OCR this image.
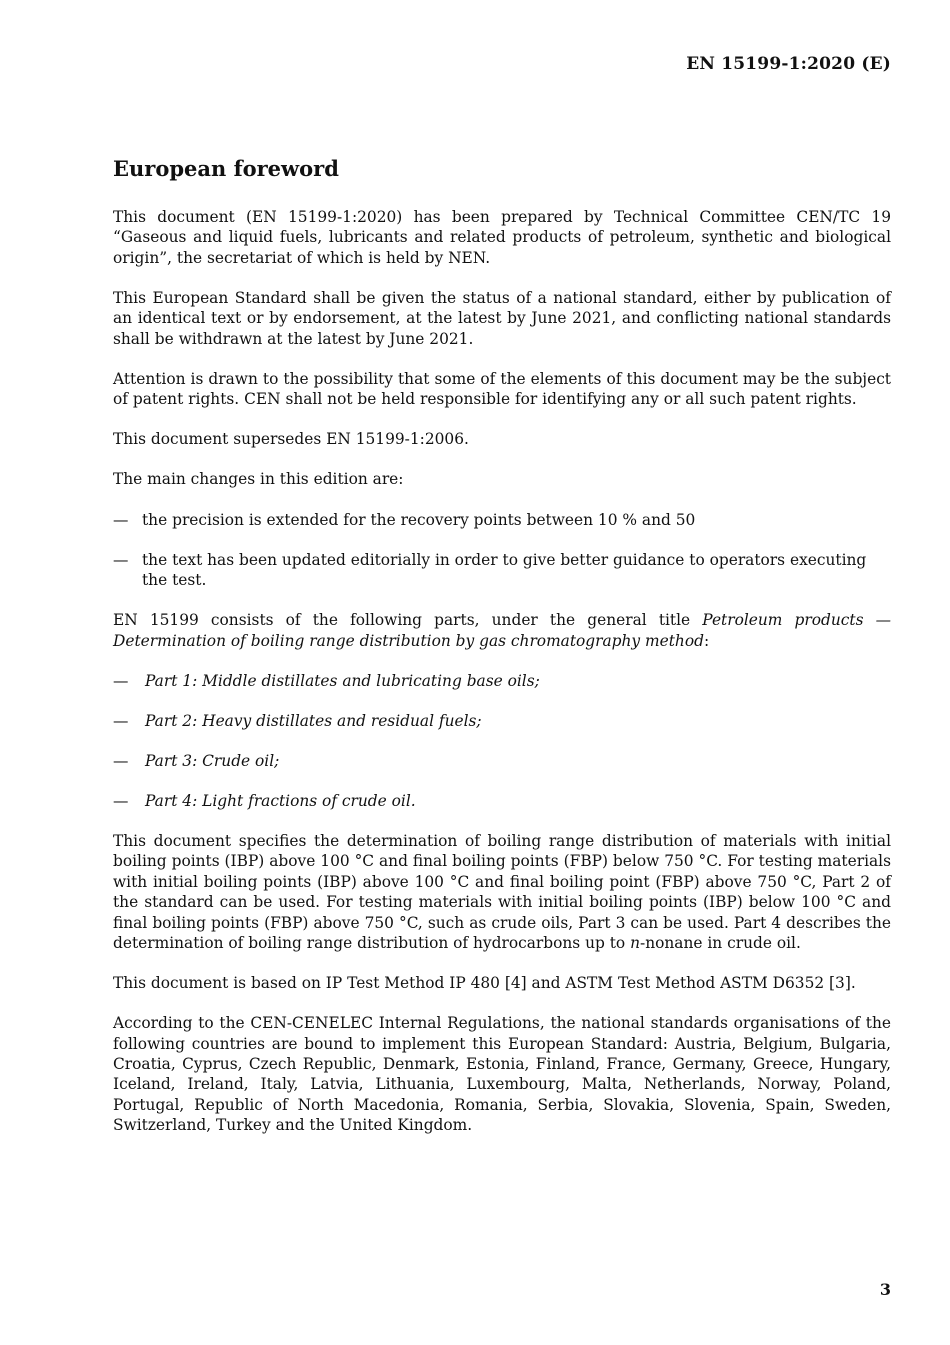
EN 15199-1:2020 (E)
European foreword

This document (EN 15199-1:2020) has been prepared by Technical Committee CEN/TC 19 “Gaseous and liquid fuels, lubricants and related products of petroleum, synthetic and biological origin”, the secretariat of which is held by NEN.

This European Standard shall be given the status of a national standard, either by publication of an identical text or by endorsement, at the latest by June 2021, and conflicting national standards shall be withdrawn at the latest by June 2021.

Attention is drawn to the possibility that some of the elements of this document may be the subject of patent rights. CEN shall not be held responsible for identifying any or all such patent rights.

This document supersedes EN 15199-1:2006.

The main changes in this edition are:

— the precision is extended for the recovery points between 10 % and 50
— the text has been updated editorially in order to give better guidance to operators executing the test.

EN 15199 consists of the following parts, under the general title Petroleum products — Determination of boiling range distribution by gas chromatography method:

—	Part 1: Middle distillates and lubricating base oils;
—	Part 2: Heavy distillates and residual fuels;
—	Part 3: Crude oil;
—	Part 4: Light fractions of crude oil.

This document specifies the determination of boiling range distribution of materials with initial boiling points (IBP) above 100 °C and final boiling points (FBP) below 750 °C. For testing materials with initial boiling points (IBP) above 100 °C and final boiling point (FBP) above 750 °C, Part 2 of the standard can be used. For testing materials with initial boiling points (IBP) below 100 °C and final boiling points (FBP) above 750 °C, such as crude oils, Part 3 can be used. Part 4 describes the determination of boiling range distribution of hydrocarbons up to n-nonane in crude oil.

This document is based on IP Test Method IP 480 [4] and ASTM Test Method ASTM D6352 [3].

According to the CEN-CENELEC Internal Regulations, the national standards organisations of the following countries are bound to implement this European Standard: Austria, Belgium, Bulgaria, Croatia, Cyprus, Czech Republic, Denmark, Estonia, Finland, France, Germany, Greece, Hungary, Iceland, Ireland, Italy, Latvia, Lithuania, Luxembourg, Malta, Netherlands, Norway, Poland, Portugal, Republic of North Macedonia, Romania, Serbia, Slovakia, Slovenia, Spain, Sweden, Switzerland, Turkey and the United Kingdom.

3
